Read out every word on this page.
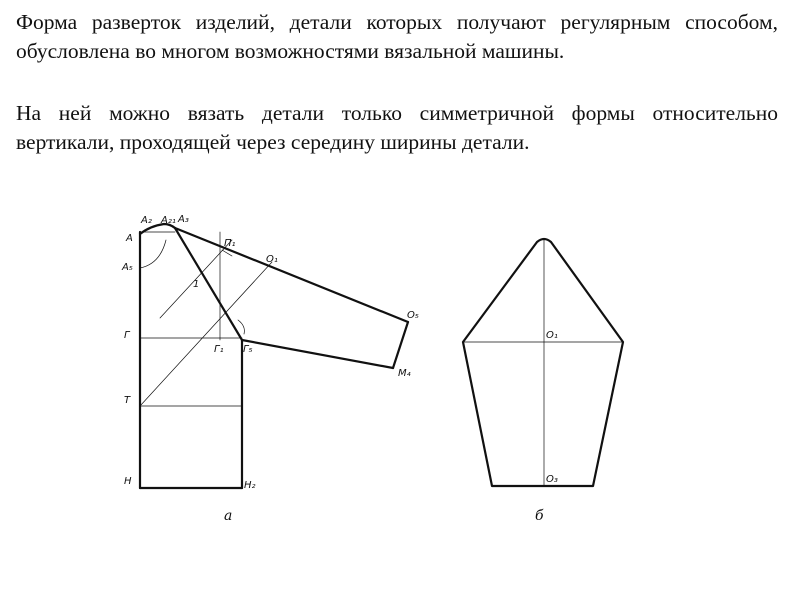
Форма разверток изделий, детали которых получают регулярным способом, обусловлена во многом возможностями вязальной машины.

На ней можно вязать детали только симметричной формы относительно вертикали, проходящей через середину ширины детали.

А₂ А₂₁ А₃
А
А₅
П₁
О₁
О₅
М₄
Г
Г₁ Г₅
Т
Н	Н₂
1
а
О₁
О₃
б
